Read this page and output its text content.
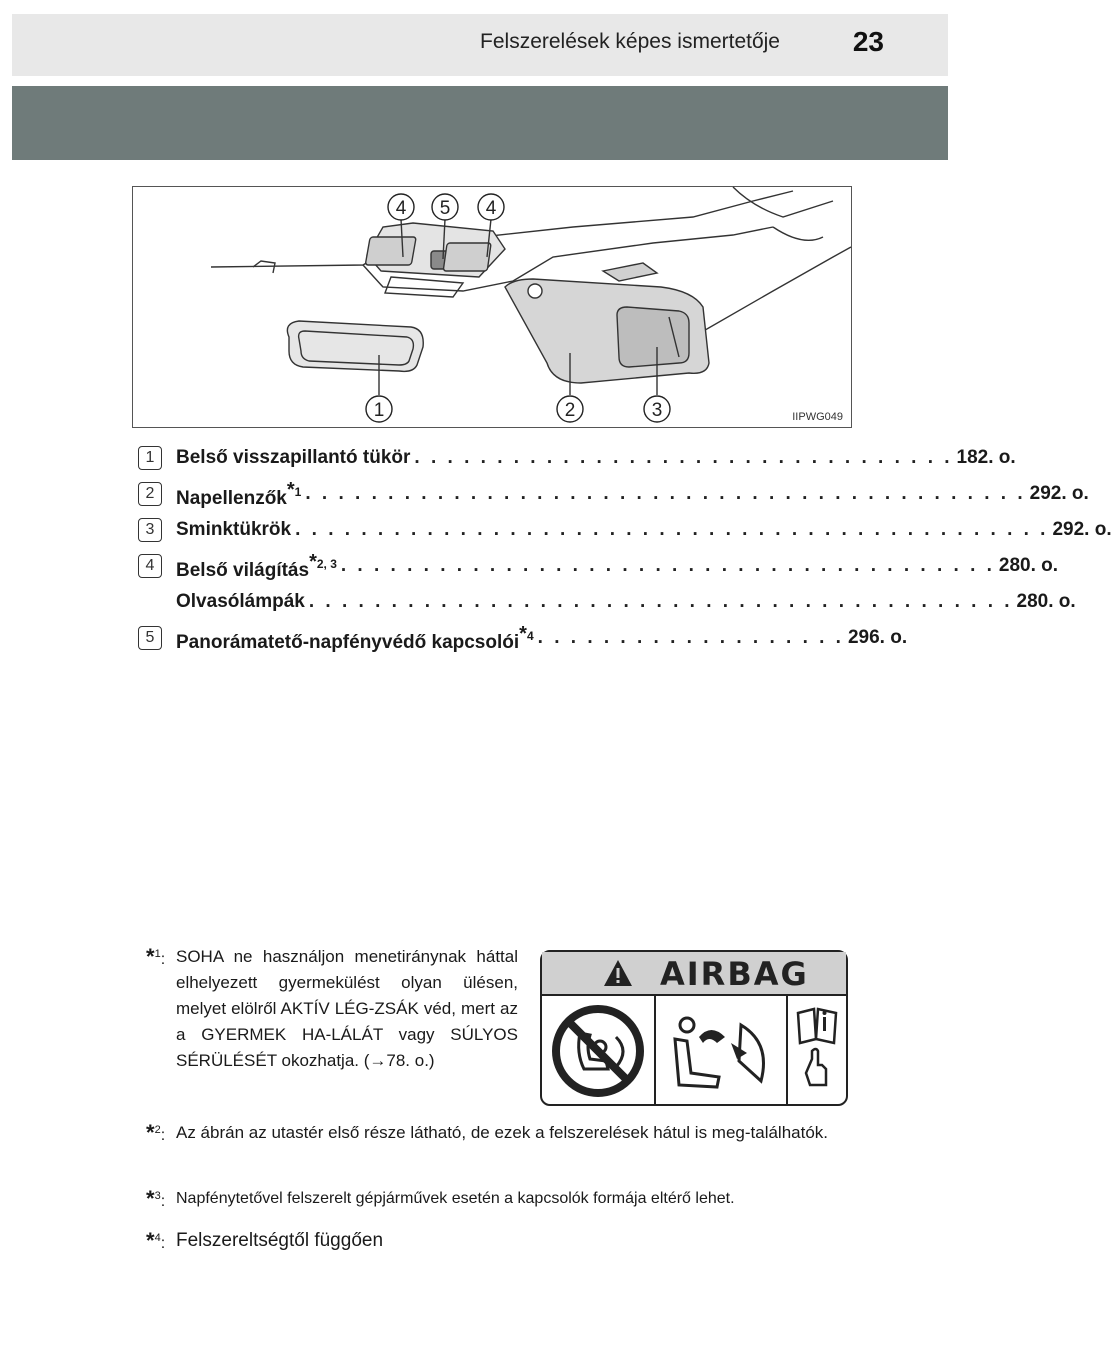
Felszerelések képes ismertetője	23
4 5 4
1	2	3	IIPWG049
1	Belső visszapillantó tükör . . . . . . . . . . . . . . . . . . . . . . . . . . . . . . . . . 182. o.
2	Napellenzők$^{*1}$ . . . . . . . . . . . . . . . . . . . . . . . . . . . . . . . . . . . . . . . . . . . . 292. o.
3	Sminktükrök . . . . . . . . . . . . . . . . . . . . . . . . . . . . . . . . . . . . . . . . . . . . . . 292. o.
4	Belső világítás$^{*2, 3}$ . . . . . . . . . . . . . . . . . . . . . . . . . . . . . . . . . . . . . . . . 280. o.
Olvasólámpák . . . . . . . . . . . . . . . . . . . . . . . . . . . . . . . . . . . . . . . . . . . 280. o.
5	Panorámatető-napfényvédő kapcsolói$^{*4}$ . . . . . . . . . . . . . . . . . . . 296. o.
*$^1$: SOHA ne használjon menetiránynak háttal elhelyezett gyermekülést olyan ülésen, melyet elölről AKTÍV LÉG-ZSÁK véd, mert az a GYERMEK HA-LÁLÁT vagy SÚLYOS SÉRÜLÉSÉT okozhatja. (→78. o.)
AIRBAG
*$^2$: Az ábrán az utastér első része látható, de ezek a felszerelések hátul is meg-találhatók.
*$^3$: Napfénytetővel felszerelt gépjárművek esetén a kapcsolók formája eltérő lehet.
*$^4$: Felszereltségtől függően
